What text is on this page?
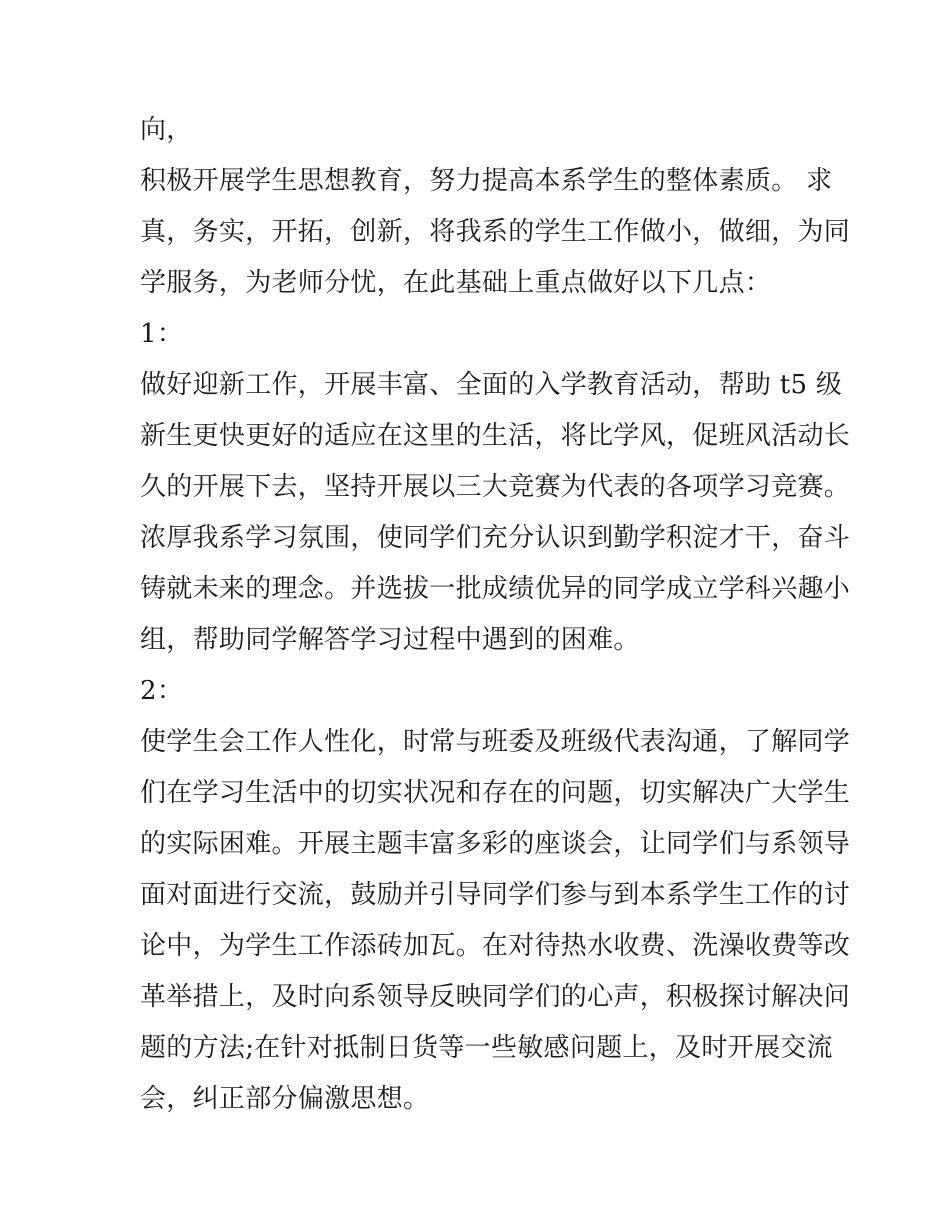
向，
积极开展学生思想教育，努力提高本系学生的整体素质。 求
真，务实，开拓，创新，将我系的学生工作做小，做细，为同
学服务，为老师分忧，在此基础上重点做好以下几点：
1：
做好迎新工作，开展丰富、全面的入学教育活动，帮助 t5 级
新生更快更好的适应在这里的生活，将比学风，促班风活动长
久的开展下去，坚持开展以三大竞赛为代表的各项学习竞赛。
浓厚我系学习氛围，使同学们充分认识到勤学积淀才干，奋斗
铸就未来的理念。并选拔一批成绩优异的同学成立学科兴趣小
组，帮助同学解答学习过程中遇到的困难。
2：
使学生会工作人性化，时常与班委及班级代表沟通，了解同学
们在学习生活中的切实状况和存在的问题，切实解决广大学生
的实际困难。开展主题丰富多彩的座谈会，让同学们与系领导
面对面进行交流，鼓励并引导同学们参与到本系学生工作的讨
论中，为学生工作添砖加瓦。在对待热水收费、洗澡收费等改
革举措上，及时向系领导反映同学们的心声，积极探讨解决问
题的方法;在针对抵制日货等一些敏感问题上，及时开展交流
会，纠正部分偏激思想。
